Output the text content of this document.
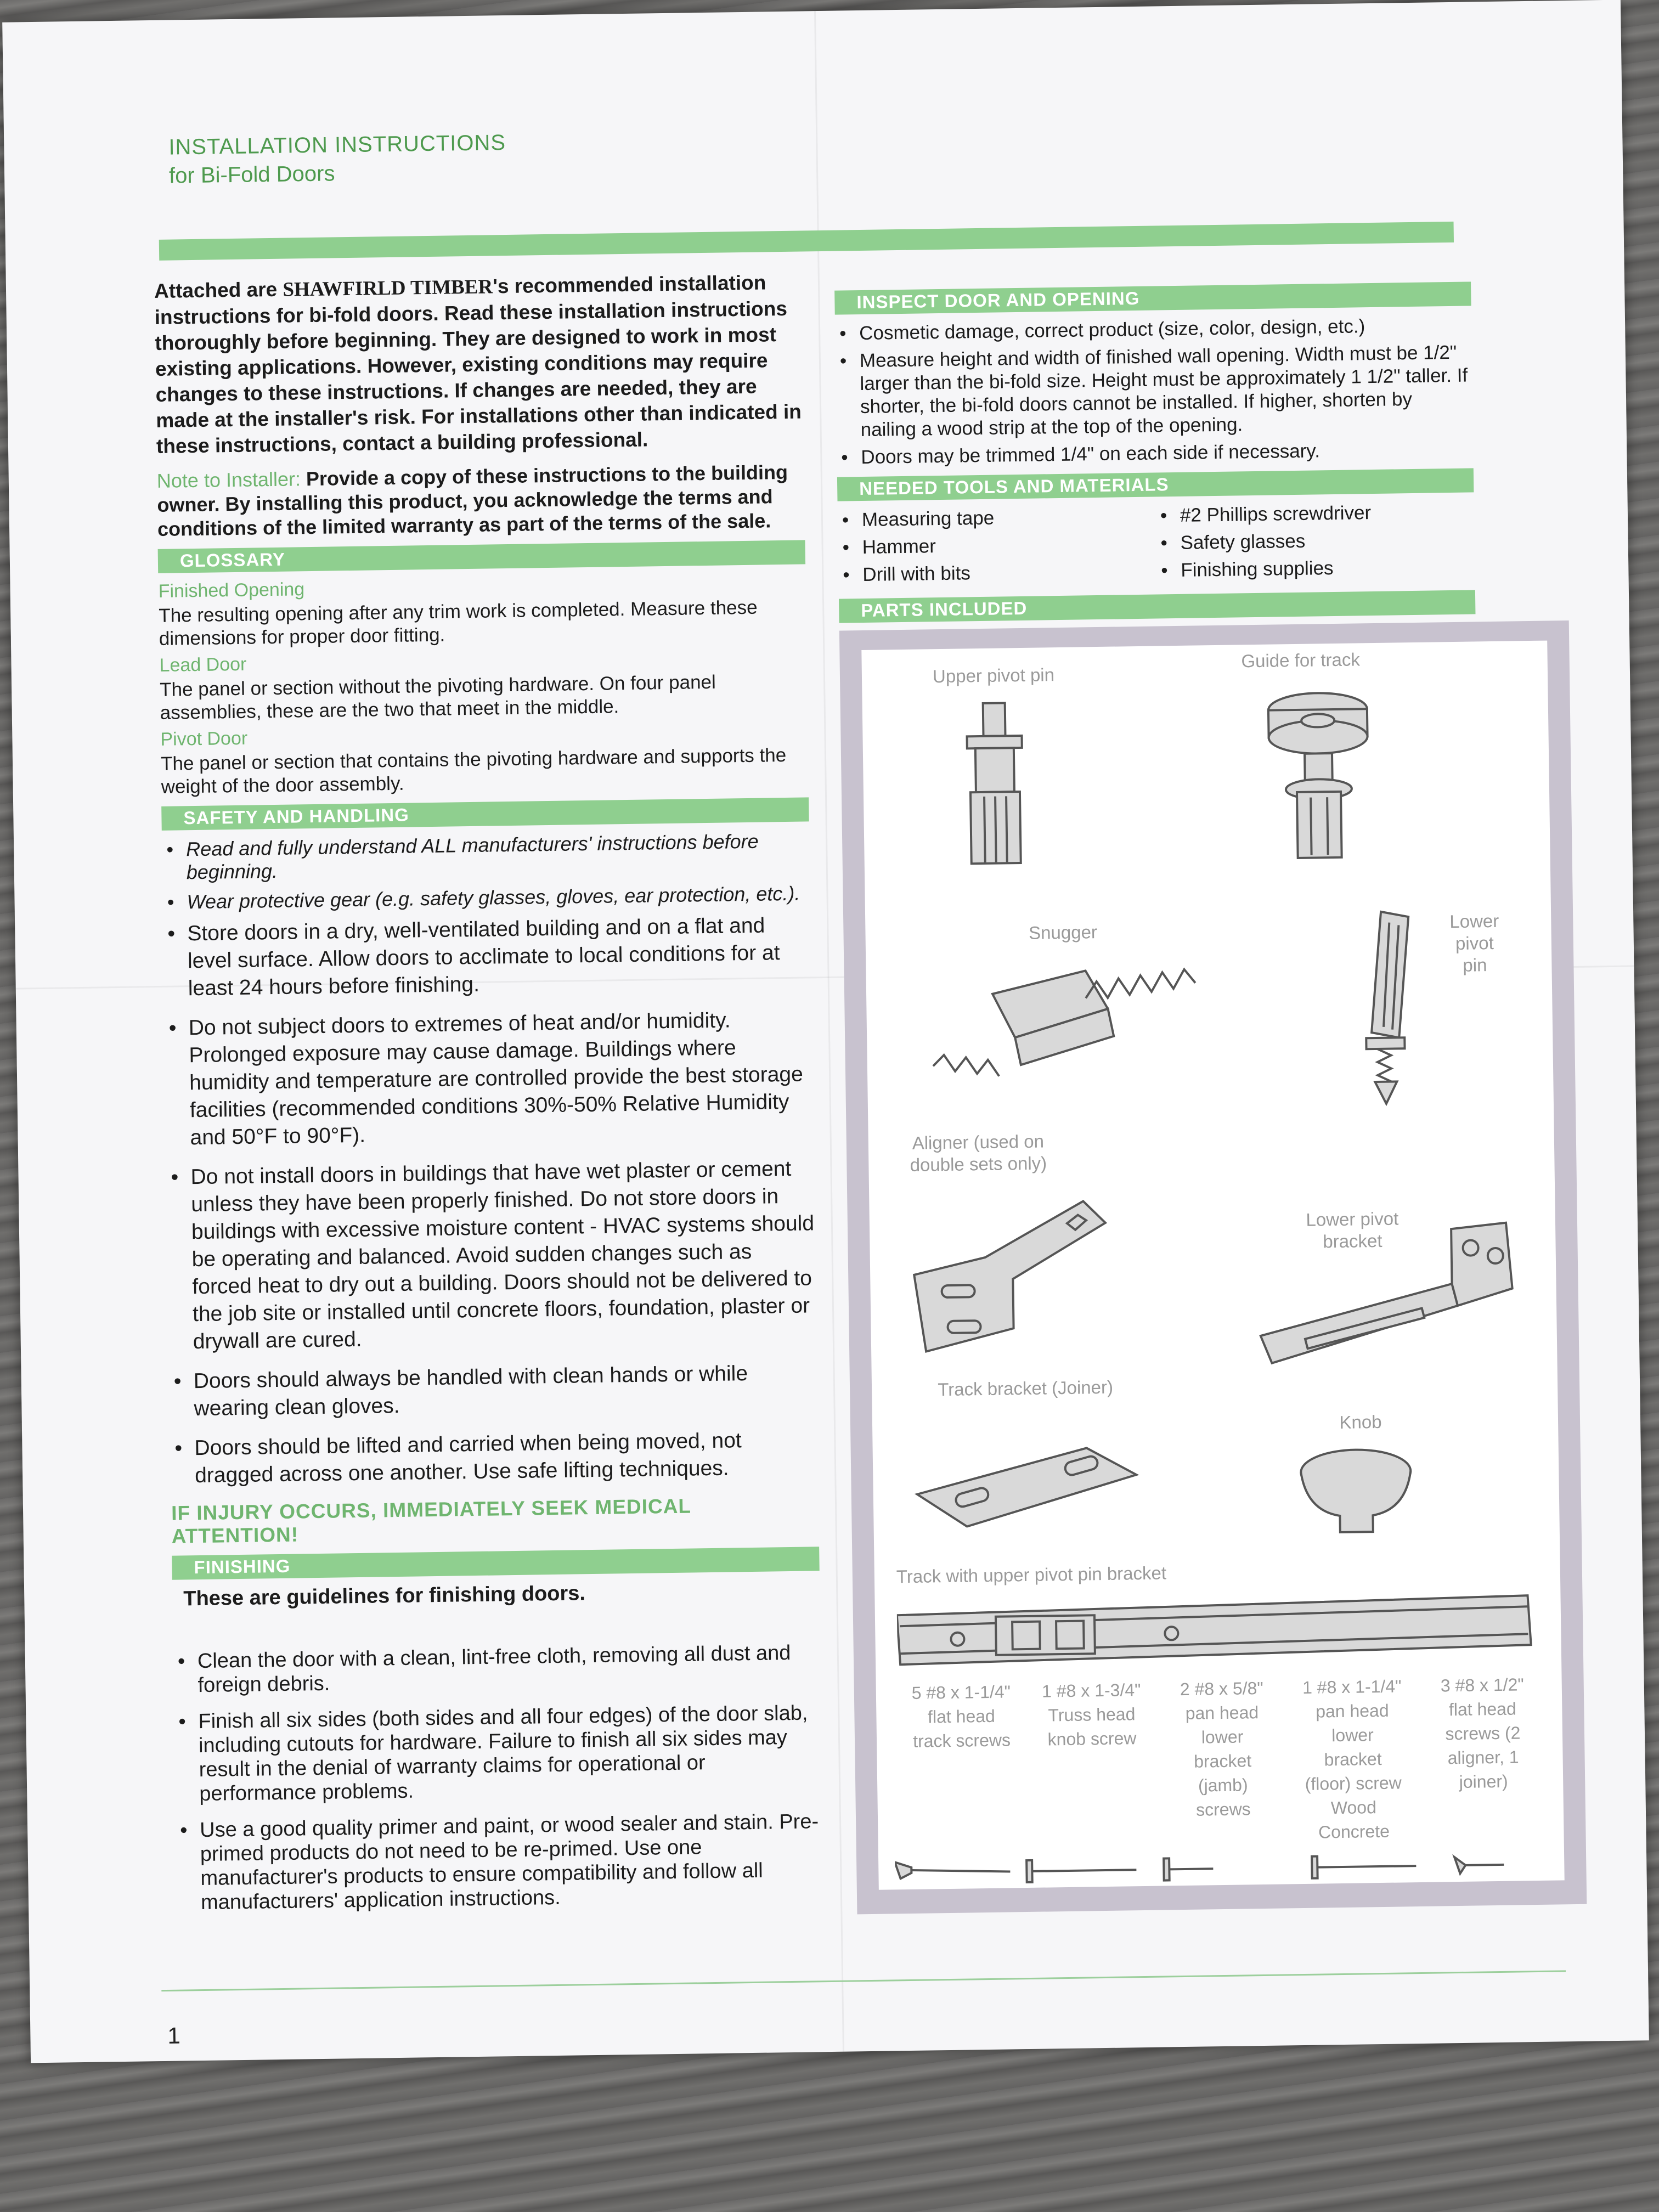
INSTALLATION INSTRUCTIONS
for Bi-Fold Doors

Attached are SHAWFIRLD TIMBER's recommended installation instructions for bi-fold doors. Read these installation instructions thoroughly before beginning. They are designed to work in most existing applications. However, existing conditions may require changes to these instructions. If changes are needed, they are made at the installer's risk. For installations other than indicated in these instructions, contact a building professional.

Note to Installer: Provide a copy of these instructions to the building owner. By installing this product, you acknowledge the terms and conditions of the limited warranty as part of the terms of the sale.

GLOSSARY
Finished Opening
The resulting opening after any trim work is completed. Measure these dimensions for proper door fitting.
Lead Door
The panel or section without the pivoting hardware. On four panel assemblies, these are the two that meet in the middle.
Pivot Door
The panel or section that contains the pivoting hardware and supports the weight of the door assembly.
SAFETY AND HANDLING
• Read and fully understand ALL manufacturers' instructions before beginning.
• Wear protective gear (e.g. safety glasses, gloves, ear protection, etc.).
• Store doors in a dry, well-ventilated building and on a flat and level surface. Allow doors to acclimate to local conditions for at least 24 hours before finishing.
• Do not subject doors to extremes of heat and/or humidity. Prolonged exposure may cause damage. Buildings where humidity and temperature are controlled provide the best storage facilities (recommended conditions 30%-50% Relative Humidity and 50°F to 90°F).
• Do not install doors in buildings that have wet plaster or cement unless they have been properly finished. Do not store doors in buildings with excessive moisture content - HVAC systems should be operating and balanced. Avoid sudden changes such as forced heat to dry out a building. Doors should not be delivered to the job site or installed until concrete floors, foundation, plaster or drywall are cured.
• Doors should always be handled with clean hands or while wearing clean gloves.
• Doors should be lifted and carried when being moved, not dragged across one another. Use safe lifting techniques.
IF INJURY OCCURS, IMMEDIATELY SEEK MEDICAL ATTENTION!
FINISHING
These are guidelines for finishing doors.
• Clean the door with a clean, lint-free cloth, removing all dust and foreign debris.
• Finish all six sides (both sides and all four edges) of the door slab, including cutouts for hardware. Failure to finish all six sides may result in the denial of warranty claims for operational or performance problems.
• Use a good quality primer and paint, or wood sealer and stain. Pre-primed products do not need to be re-primed. Use one manufacturer's products to ensure compatibility and follow all manufacturers' application instructions.
INSPECT DOOR AND OPENING
• Cosmetic damage, correct product (size, color, design, etc.)
• Measure height and width of finished wall opening. Width must be 1/2" larger than the bi-fold size. Height must be approximately 1 1/2" taller. If shorter, the bi-fold doors cannot be installed. If higher, shorten by nailing a wood strip at the top of the opening.
• Doors may be trimmed 1/4" on each side if necessary.
NEEDED TOOLS AND MATERIALS
• Measuring tape
• Hammer
• Drill with bits
• #2 Phillips screwdriver
• Safety glasses
• Finishing supplies
PARTS INCLUDED
Upper pivot pin
Guide for track
Snugger
Lower pivot pin
Aligner (used on double sets only)
Lower pivot bracket
Track bracket (Joiner)
Knob
Track with upper pivot pin bracket
5 #8 x 1-1/4" flat head track screws
1 #8 x 1-3/4" Truss head knob screw
2 #8 x 5/8" pan head lower bracket (jamb) screws
1 #8 x 1-1/4" pan head lower bracket (floor) screw
Wood
Concrete
3 #8 x 1/2" flat head screws (2 aligner, 1 joiner)
1
